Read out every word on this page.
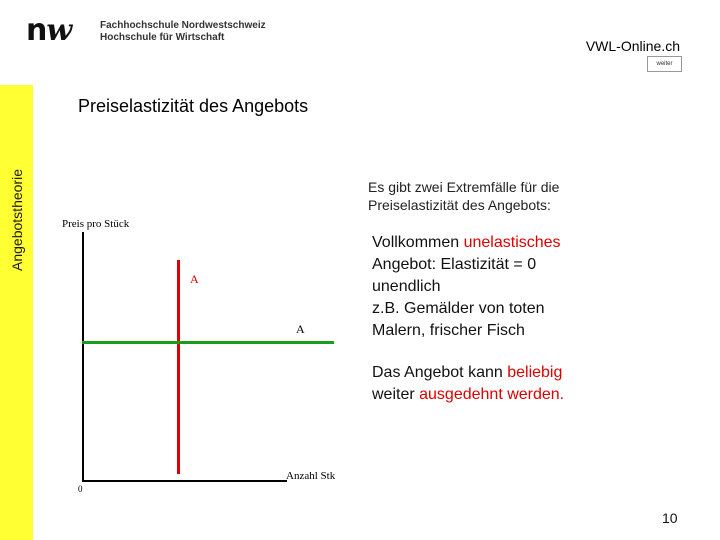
nw	Fachhochschule Nordwestschweiz
Hochschule für Wirtschaft
VWL-Online.ch
weiter
Angebotstheorie
Preiselastizität des Angebots
Es gibt zwei Extremfälle für die Preiselastizität des Angebots:
Preis pro Stück
A
A
Anzahl Stk
0
Vollkommen unelastisches
Angebot: Elastizität = 0
unendlich
z.B. Gemälder von toten
Malern, frischer Fisch
Das Angebot kann beliebig
weiter ausgedehnt werden.
10
